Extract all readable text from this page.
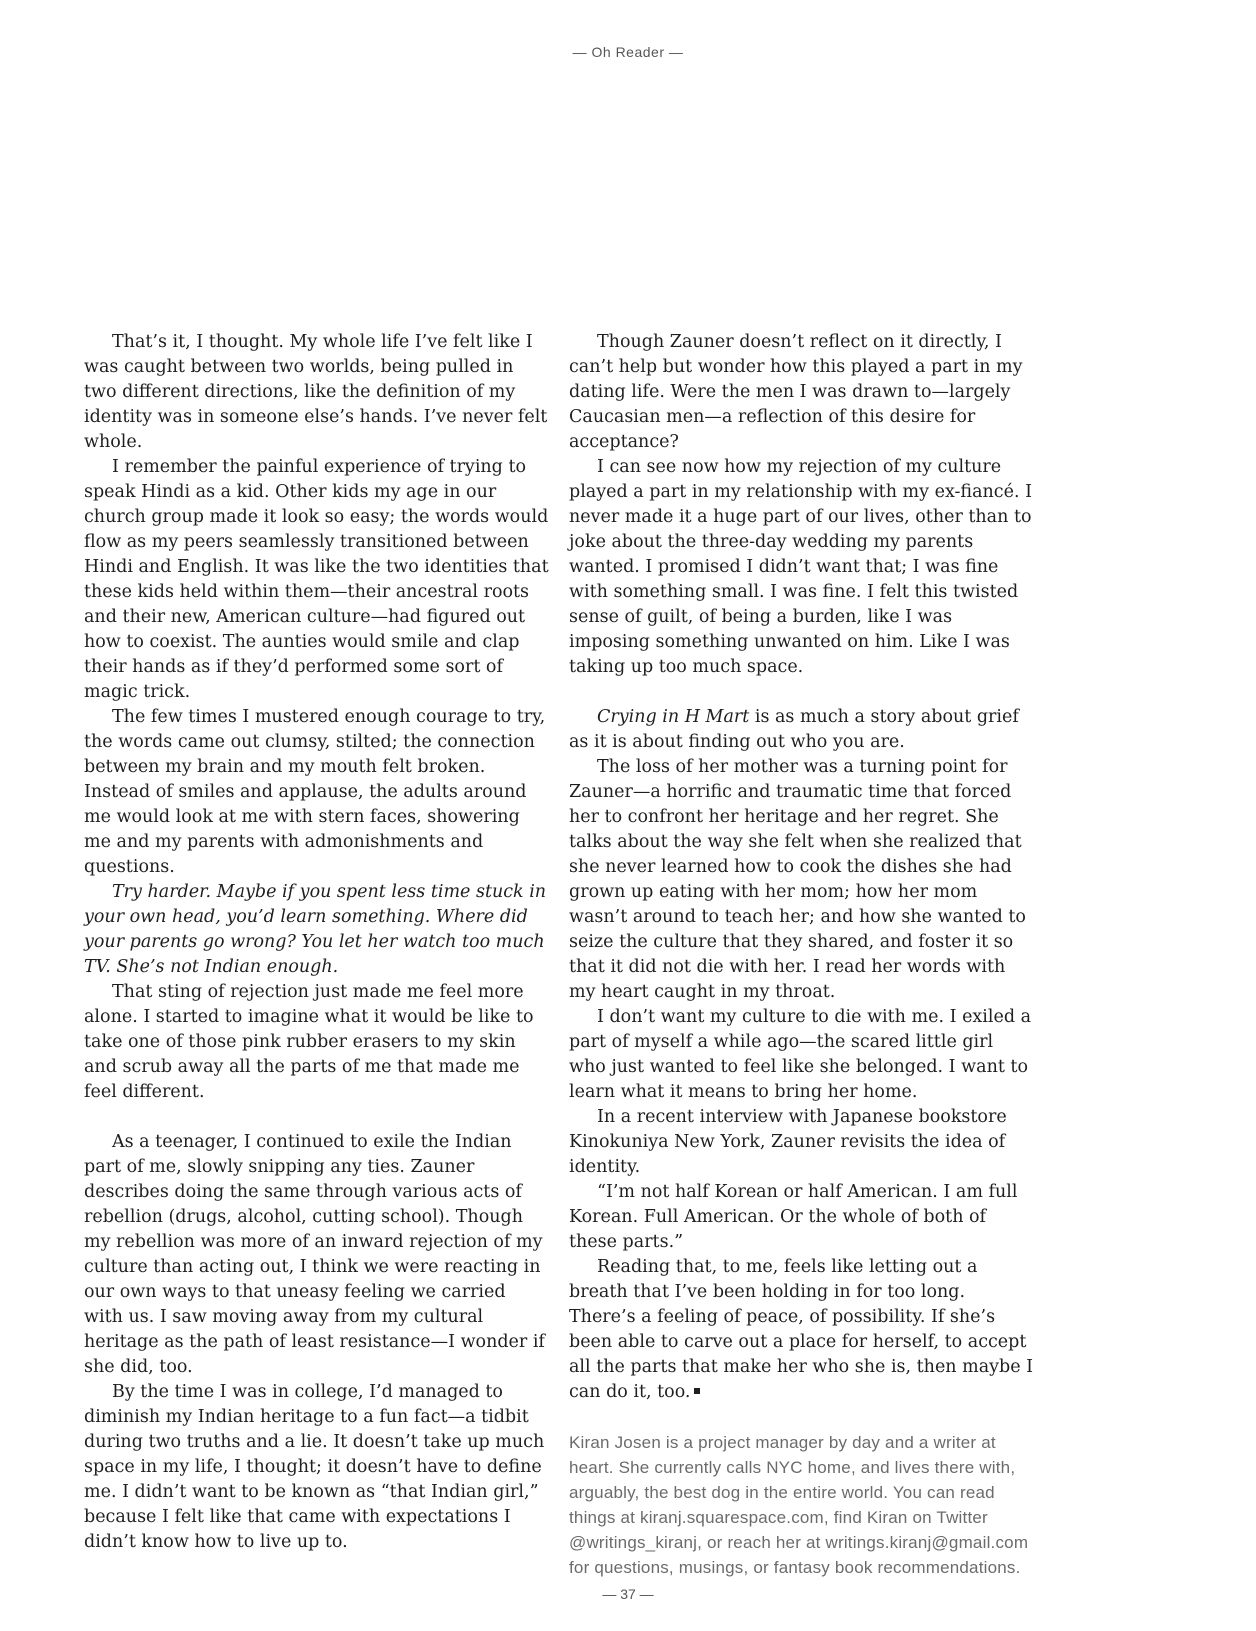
— Oh Reader —

That’s it, I thought. My whole life I’ve felt like I was caught between two worlds, being pulled in two different directions, like the definition of my identity was in someone else’s hands. I’ve never felt whole.

I remember the painful experience of trying to speak Hindi as a kid. Other kids my age in our church group made it look so easy; the words would flow as my peers seamlessly transitioned between Hindi and English. It was like the two identities that these kids held within them—their ancestral roots and their new, American culture—had figured out how to coexist. The aunties would smile and clap their hands as if they’d performed some sort of magic trick.

The few times I mustered enough courage to try, the words came out clumsy, stilted; the connection between my brain and my mouth felt broken. Instead of smiles and applause, the adults around me would look at me with stern faces, showering me and my parents with admonishments and questions.

Try harder. Maybe if you spent less time stuck in your own head, you’d learn something. Where did your parents go wrong? You let her watch too much TV. She’s not Indian enough.

That sting of rejection just made me feel more alone. I started to imagine what it would be like to take one of those pink rubber erasers to my skin and scrub away all the parts of me that made me feel different.

As a teenager, I continued to exile the Indian part of me, slowly snipping any ties. Zauner describes doing the same through various acts of rebellion (drugs, alcohol, cutting school). Though my rebellion was more of an inward rejection of my culture than acting out, I think we were reacting in our own ways to that uneasy feeling we carried with us. I saw moving away from my cultural heritage as the path of least resistance—I wonder if she did, too.

By the time I was in college, I’d managed to diminish my Indian heritage to a fun fact—a tidbit during two truths and a lie. It doesn’t take up much space in my life, I thought; it doesn’t have to define me. I didn’t want to be known as “that Indian girl,” because I felt like that came with expectations I didn’t know how to live up to.

Though Zauner doesn’t reflect on it directly, I can’t help but wonder how this played a part in my dating life. Were the men I was drawn to—largely Caucasian men—a reflection of this desire for acceptance?

I can see now how my rejection of my culture played a part in my relationship with my ex-fiancé. I never made it a huge part of our lives, other than to joke about the three-day wedding my parents wanted. I promised I didn’t want that; I was fine with something small. I was fine. I felt this twisted sense of guilt, of being a burden, like I was imposing something unwanted on him. Like I was taking up too much space.

Crying in H Mart is as much a story about grief as it is about finding out who you are.

The loss of her mother was a turning point for Zauner—a horrific and traumatic time that forced her to confront her heritage and her regret. She talks about the way she felt when she realized that she never learned how to cook the dishes she had grown up eating with her mom; how her mom wasn’t around to teach her; and how she wanted to seize the culture that they shared, and foster it so that it did not die with her. I read her words with my heart caught in my throat.

I don’t want my culture to die with me. I exiled a part of myself a while ago—the scared little girl who just wanted to feel like she belonged. I want to learn what it means to bring her home.

In a recent interview with Japanese bookstore Kinokuniya New York, Zauner revisits the idea of identity.

“I’m not half Korean or half American. I am full Korean. Full American. Or the whole of both of these parts.”

Reading that, to me, feels like letting out a breath that I’ve been holding in for too long. There’s a feeling of peace, of possibility. If she’s been able to carve out a place for herself, to accept all the parts that make her who she is, then maybe I can do it, too.

Kiran Josen is a project manager by day and a writer at heart. She currently calls NYC home, and lives there with, arguably, the best dog in the entire world. You can read things at kiranj.squarespace.com, find Kiran on Twitter @writings_kiranj, or reach her at writings.kiranj@gmail.com for questions, musings, or fantasy book recommendations.
— 37 —
